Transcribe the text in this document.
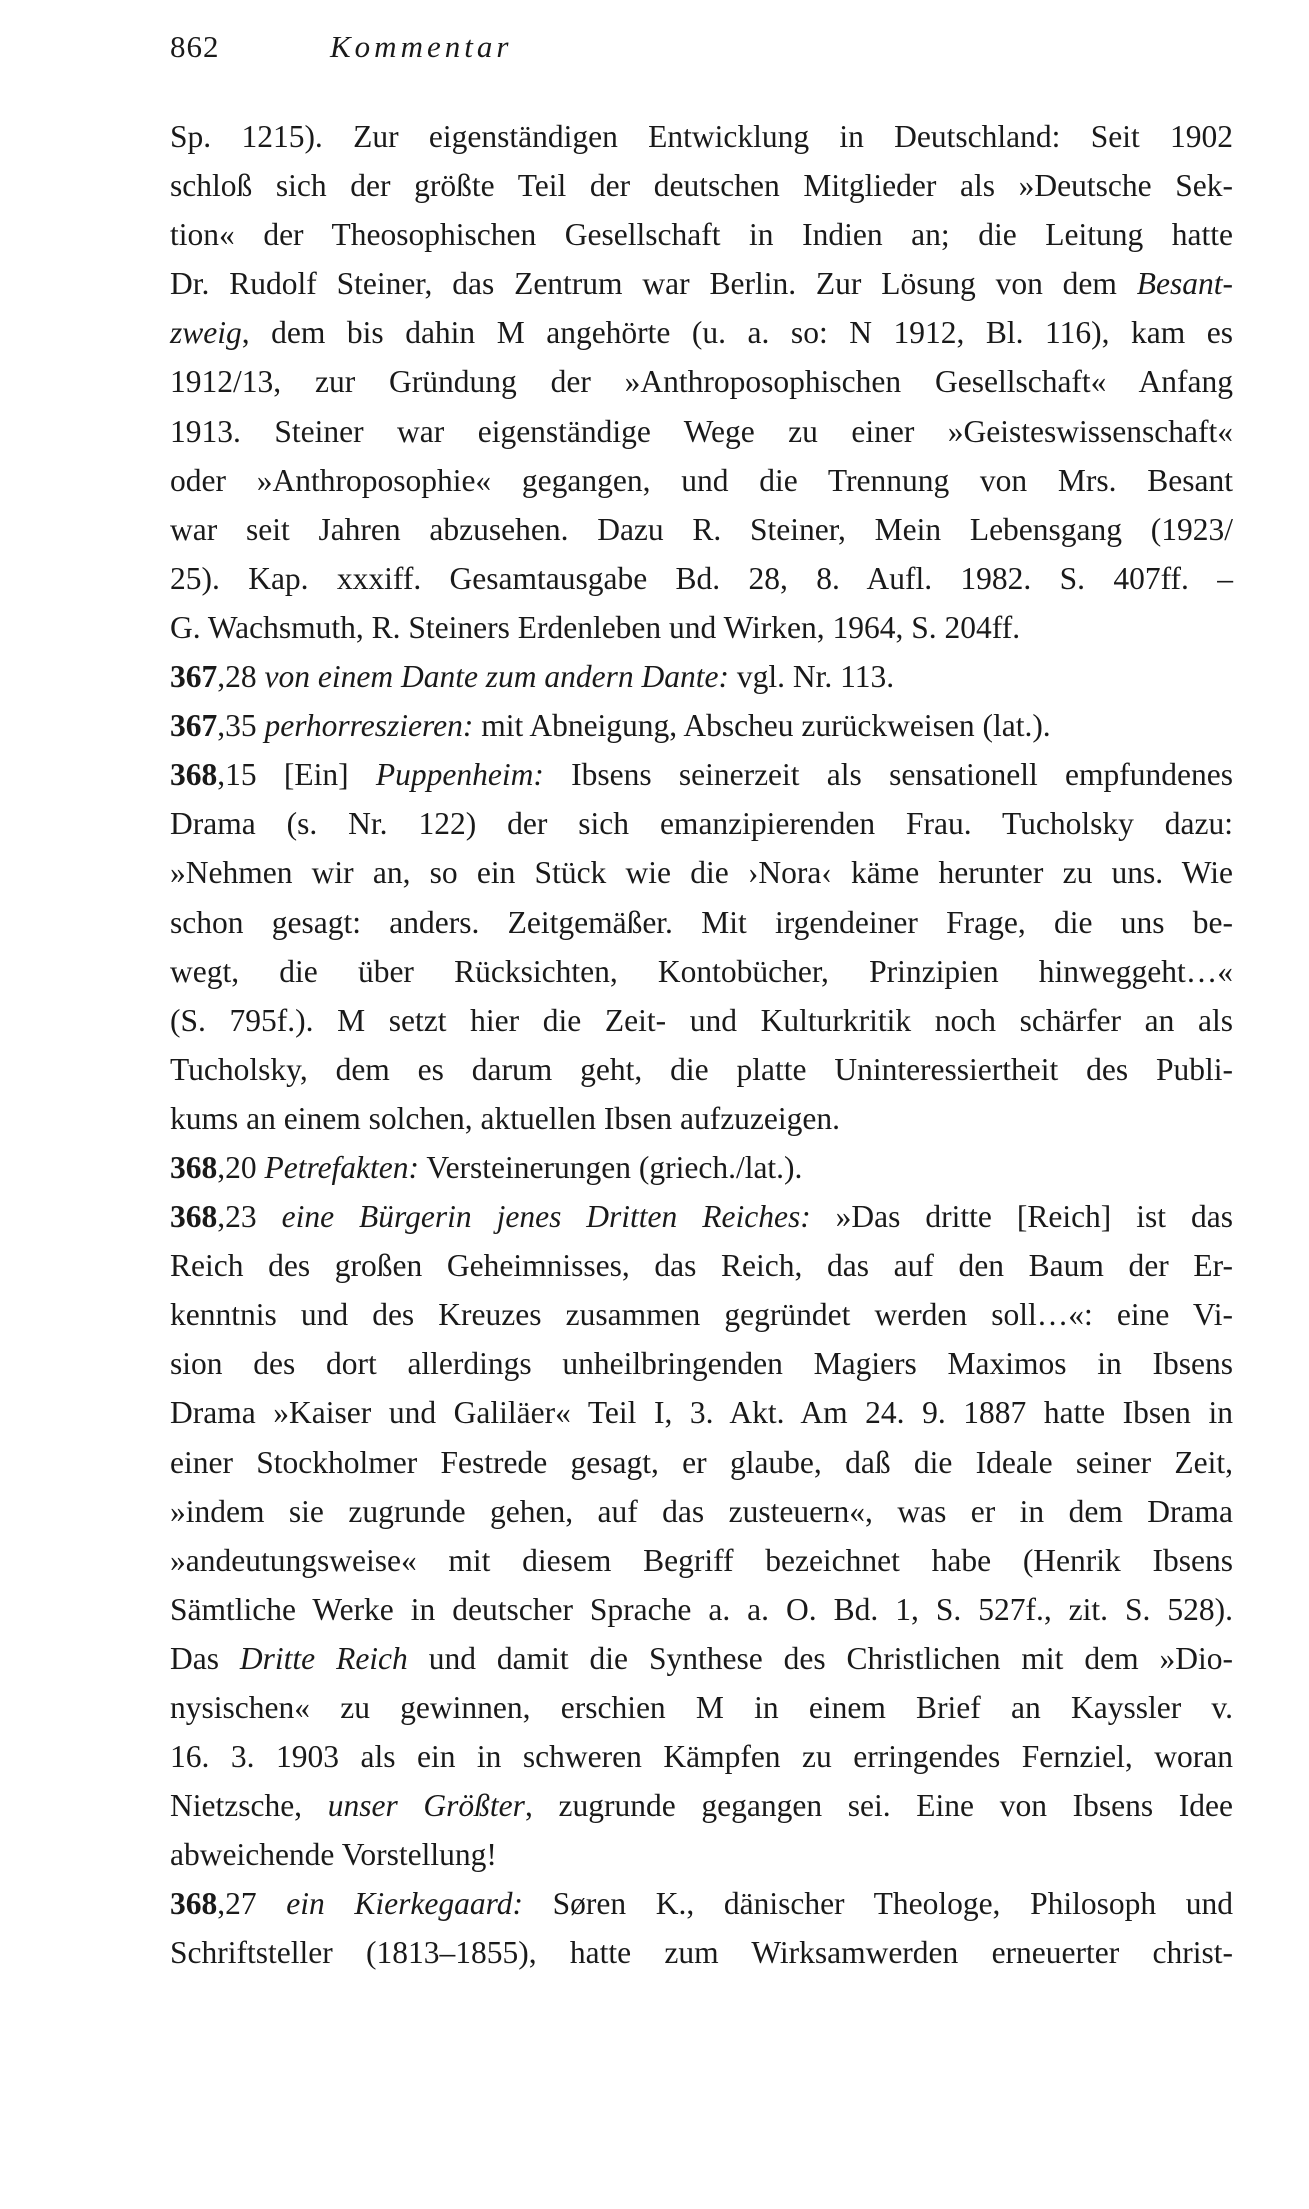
862	Kommentar
Sp. 1215). Zur eigenständigen Entwicklung in Deutschland: Seit 1902
schloß sich der größte Teil der deutschen Mitglieder als »Deutsche Sek-
tion« der Theosophischen Gesellschaft in Indien an; die Leitung hatte
Dr. Rudolf Steiner, das Zentrum war Berlin. Zur Lösung von dem Besant-
zweig, dem bis dahin M angehörte (u. a. so: N 1912, Bl. 116), kam es
1912/13, zur Gründung der »Anthroposophischen Gesellschaft« Anfang
1913. Steiner war eigenständige Wege zu einer »Geisteswissenschaft«
oder »Anthroposophie« gegangen, und die Trennung von Mrs. Besant
war seit Jahren abzusehen. Dazu R. Steiner, Mein Lebensgang (1923/
25). Kap. xxxiff. Gesamtausgabe Bd. 28, 8. Aufl. 1982. S. 407ff. –
G. Wachsmuth, R. Steiners Erdenleben und Wirken, 1964, S. 204ff.
367,28 von einem Dante zum andern Dante: vgl. Nr. 113.
367,35 perhorreszieren: mit Abneigung, Abscheu zurückweisen (lat.).
368,15 [Ein] Puppenheim: Ibsens seinerzeit als sensationell empfundenes
Drama (s. Nr. 122) der sich emanzipierenden Frau. Tucholsky dazu:
»Nehmen wir an, so ein Stück wie die ›Nora‹ käme herunter zu uns. Wie
schon gesagt: anders. Zeitgemäßer. Mit irgendeiner Frage, die uns be-
wegt, die über Rücksichten, Kontobücher, Prinzipien hinweggeht…«
(S. 795f.). M setzt hier die Zeit- und Kulturkritik noch schärfer an als
Tucholsky, dem es darum geht, die platte Uninteressiertheit des Publi-
kums an einem solchen, aktuellen Ibsen aufzuzeigen.
368,20 Petrefakten: Versteinerungen (griech./lat.).
368,23 eine Bürgerin jenes Dritten Reiches: »Das dritte [Reich] ist das
Reich des großen Geheimnisses, das Reich, das auf den Baum der Er-
kenntnis und des Kreuzes zusammen gegründet werden soll…«: eine Vi-
sion des dort allerdings unheilbringenden Magiers Maximos in Ibsens
Drama »Kaiser und Galiläer« Teil I, 3. Akt. Am 24. 9. 1887 hatte Ibsen in
einer Stockholmer Festrede gesagt, er glaube, daß die Ideale seiner Zeit,
»indem sie zugrunde gehen, auf das zusteuern«, was er in dem Drama
»andeutungsweise« mit diesem Begriff bezeichnet habe (Henrik Ibsens
Sämtliche Werke in deutscher Sprache a. a. O. Bd. 1, S. 527f., zit. S. 528).
Das Dritte Reich und damit die Synthese des Christlichen mit dem »Dio-
nysischen« zu gewinnen, erschien M in einem Brief an Kayssler v.
16. 3. 1903 als ein in schweren Kämpfen zu erringendes Fernziel, woran
Nietzsche, unser Größter, zugrunde gegangen sei. Eine von Ibsens Idee
abweichende Vorstellung!
368,27 ein Kierkegaard: Søren K., dänischer Theologe, Philosoph und
Schriftsteller (1813–1855), hatte zum Wirksamwerden erneuerter christ-
